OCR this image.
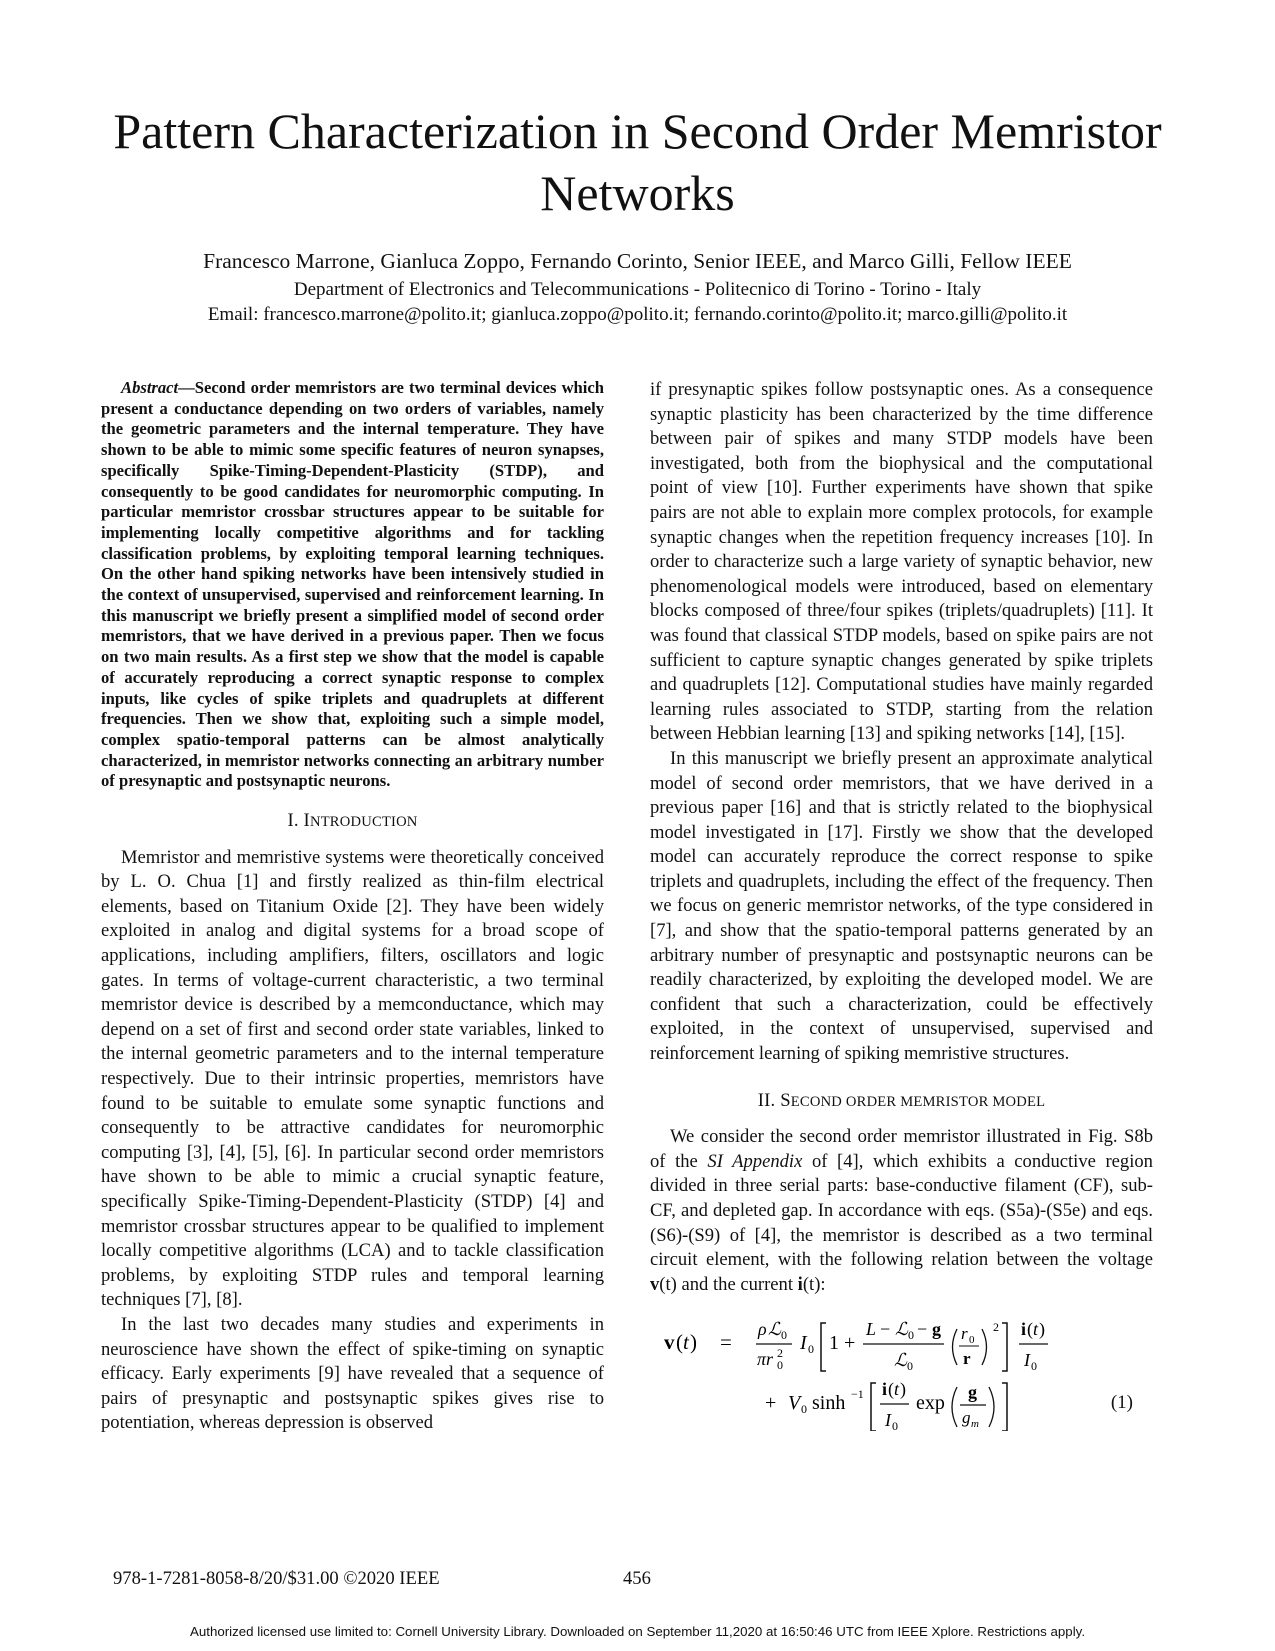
Pattern Characterization in Second Order Memristor Networks
Francesco Marrone, Gianluca Zoppo, Fernando Corinto, Senior IEEE, and Marco Gilli, Fellow IEEE
Department of Electronics and Telecommunications - Politecnico di Torino - Torino - Italy
Email: francesco.marrone@polito.it; gianluca.zoppo@polito.it; fernando.corinto@polito.it; marco.gilli@polito.it

Abstract—Second order memristors are two terminal devices which present a conductance depending on two orders of variables, namely the geometric parameters and the internal temperature. They have shown to be able to mimic some specific features of neuron synapses, specifically Spike-Timing-Dependent-Plasticity (STDP), and consequently to be good candidates for neuromorphic computing. In particular memristor crossbar structures appear to be suitable for implementing locally competitive algorithms and for tackling classification problems, by exploiting temporal learning techniques. On the other hand spiking networks have been intensively studied in the context of unsupervised, supervised and reinforcement learning. In this manuscript we briefly present a simplified model of second order memristors, that we have derived in a previous paper. Then we focus on two main results. As a first step we show that the model is capable of accurately reproducing a correct synaptic response to complex inputs, like cycles of spike triplets and quadruplets at different frequencies. Then we show that, exploiting such a simple model, complex spatio-temporal patterns can be almost analytically characterized, in memristor networks connecting an arbitrary number of presynaptic and postsynaptic neurons.

I. INTRODUCTION

Memristor and memristive systems were theoretically conceived by L. O. Chua [1] and firstly realized as thin-film electrical elements, based on Titanium Oxide [2]. They have been widely exploited in analog and digital systems for a broad scope of applications, including amplifiers, filters, oscillators and logic gates. In terms of voltage-current characteristic, a two terminal memristor device is described by a memconductance, which may depend on a set of first and second order state variables, linked to the internal geometric parameters and to the internal temperature respectively. Due to their intrinsic properties, memristors have found to be suitable to emulate some synaptic functions and consequently to be attractive candidates for neuromorphic computing [3], [4], [5], [6]. In particular second order memristors have shown to be able to mimic a crucial synaptic feature, specifically Spike-Timing-Dependent-Plasticity (STDP) [4] and memristor crossbar structures appear to be qualified to implement locally competitive algorithms (LCA) and to tackle classification problems, by exploiting STDP rules and temporal learning techniques [7], [8].

In the last two decades many studies and experiments in neuroscience have shown the effect of spike-timing on synaptic efficacy. Early experiments [9] have revealed that a sequence of pairs of presynaptic and postsynaptic spikes gives rise to potentiation, whereas depression is observed

if presynaptic spikes follow postsynaptic ones. As a consequence synaptic plasticity has been characterized by the time difference between pair of spikes and many STDP models have been investigated, both from the biophysical and the computational point of view [10]. Further experiments have shown that spike pairs are not able to explain more complex protocols, for example synaptic changes when the repetition frequency increases [10]. In order to characterize such a large variety of synaptic behavior, new phenomenological models were introduced, based on elementary blocks composed of three/four spikes (triplets/quadruplets) [11]. It was found that classical STDP models, based on spike pairs are not sufficient to capture synaptic changes generated by spike triplets and quadruplets [12]. Computational studies have mainly regarded learning rules associated to STDP, starting from the relation between Hebbian learning [13] and spiking networks [14], [15].

In this manuscript we briefly present an approximate analytical model of second order memristors, that we have derived in a previous paper [16] and that is strictly related to the biophysical model investigated in [17]. Firstly we show that the developed model can accurately reproduce the correct response to spike triplets and quadruplets, including the effect of the frequency. Then we focus on generic memristor networks, of the type considered in [7], and show that the spatio-temporal patterns generated by an arbitrary number of presynaptic and postsynaptic neurons can be readily characterized, by exploiting the developed model. We are confident that such a characterization, could be effectively exploited, in the context of unsupervised, supervised and reinforcement learning of spiking memristive structures.

II. SECOND ORDER MEMRISTOR MODEL

We consider the second order memristor illustrated in Fig. S8b of the SI Appendix of [4], which exhibits a conductive region divided in three serial parts: base-conductive filament (CF), sub-CF, and depleted gap. In accordance with eqs. (S5a)-(S5e) and eqs. (S6)-(S9) of [4], the memristor is described as a two terminal circuit element, with the following relation between the voltage v(t) and the current i(t):

v ( t ) =
ρ ℒ 0
πr 2
0
I 0 1 +
L − ℒ 0 − g
ℒ 0
r 0
r
2 i ( t )
I 0
+ V 0 sinh −1 i ( t )
I 0
exp g
g m
(1)
978-1-7281-8058-8/20/$31.00 ©2020 IEEE	456
Authorized licensed use limited to: Cornell University Library. Downloaded on September 11,2020 at 16:50:46 UTC from IEEE Xplore. Restrictions apply.
